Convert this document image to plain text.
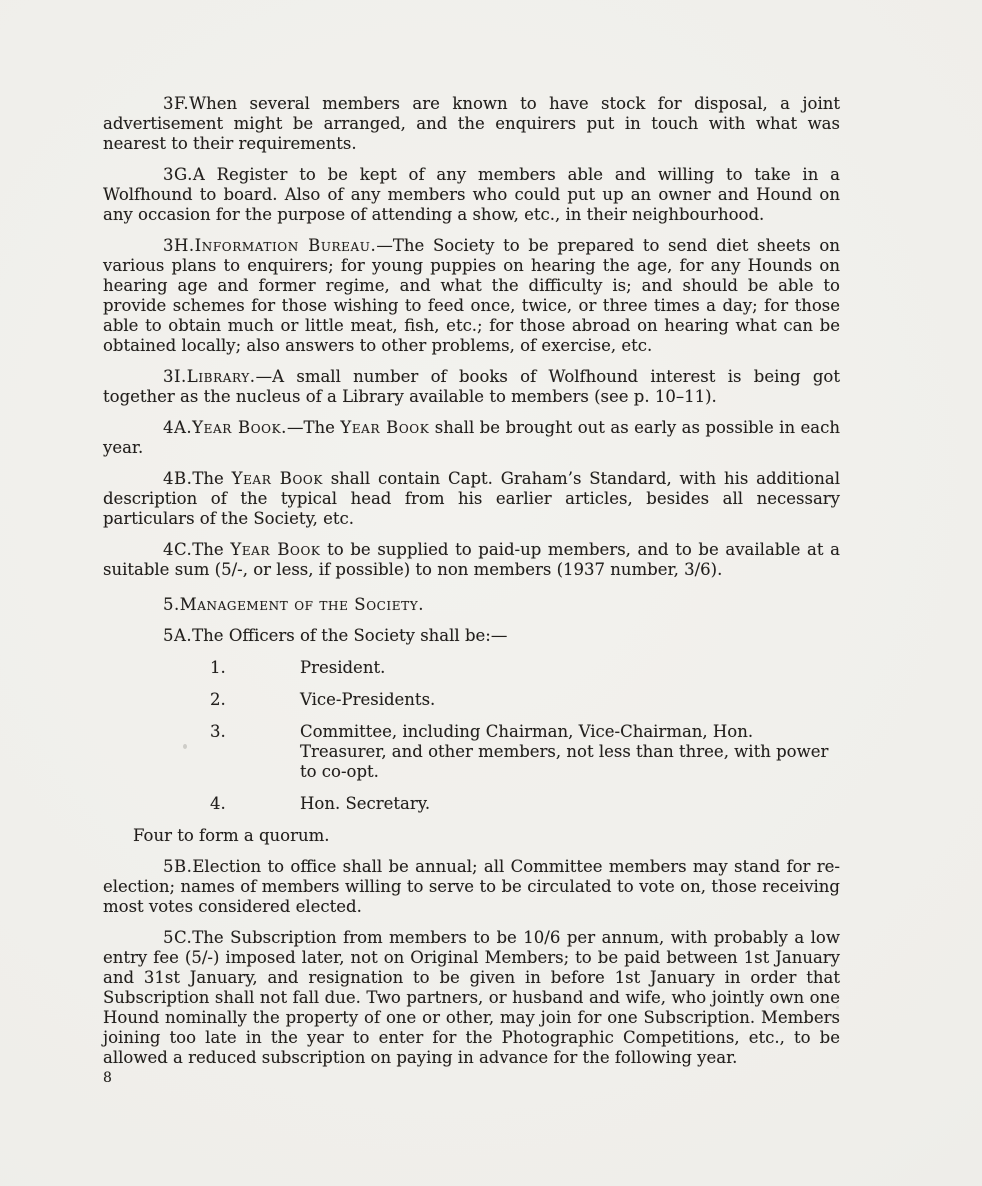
3F.When several members are known to have stock for disposal, a joint advertisement might be arranged, and the enquirers put in touch with what was nearest to their requirements.

3G.A Register to be kept of any members able and willing to take in a Wolfhound to board. Also of any members who could put up an owner and Hound on any occasion for the purpose of attending a show, etc., in their neighbourhood.

3H.Information Bureau.—The Society to be prepared to send diet sheets on various plans to enquirers; for young puppies on hearing the age, for any Hounds on hearing age and former regime, and what the difficulty is; and should be able to provide schemes for those wishing to feed once, twice, or three times a day; for those able to obtain much or little meat, fish, etc.; for those abroad on hearing what can be obtained locally; also answers to other problems, of exercise, etc.

3I.Library.—A small number of books of Wolfhound interest is being got together as the nucleus of a Library available to members (see p. 10–11).

4A.Year Book.—The Year Book shall be brought out as early as possible in each year.

4B.The Year Book shall contain Capt. Graham’s Standard, with his additional description of the typical head from his earlier articles, besides all necessary particulars of the Society, etc.

4C.The Year Book to be supplied to paid-up members, and to be available at a suitable sum (5/-, or less, if possible) to non members (1937 number, 3/6).

5.Management of the Society.

5A.The Officers of the Society shall be:—

1.	President.

2.	Vice-Presidents.

3.	Committee, including Chairman, Vice-Chairman, Hon. Treasurer, and other members, not less than three, with power to co-opt.

4.	Hon. Secretary.

Four to form a quorum.

5B.Election to office shall be annual; all Committee members may stand for re-election; names of members willing to serve to be circulated to vote on, those receiving most votes considered elected.

5C.The Subscription from members to be 10/6 per annum, with probably a low entry fee (5/-) imposed later, not on Original Members; to be paid between 1st January and 31st January, and resignation to be given in before 1st January in order that Subscription shall not fall due. Two partners, or husband and wife, who jointly own one Hound nominally the property of one or other, may join for one Subscription. Members joining too late in the year to enter for the Photographic Competitions, etc., to be allowed a reduced subscription on paying in advance for the following year.

8
